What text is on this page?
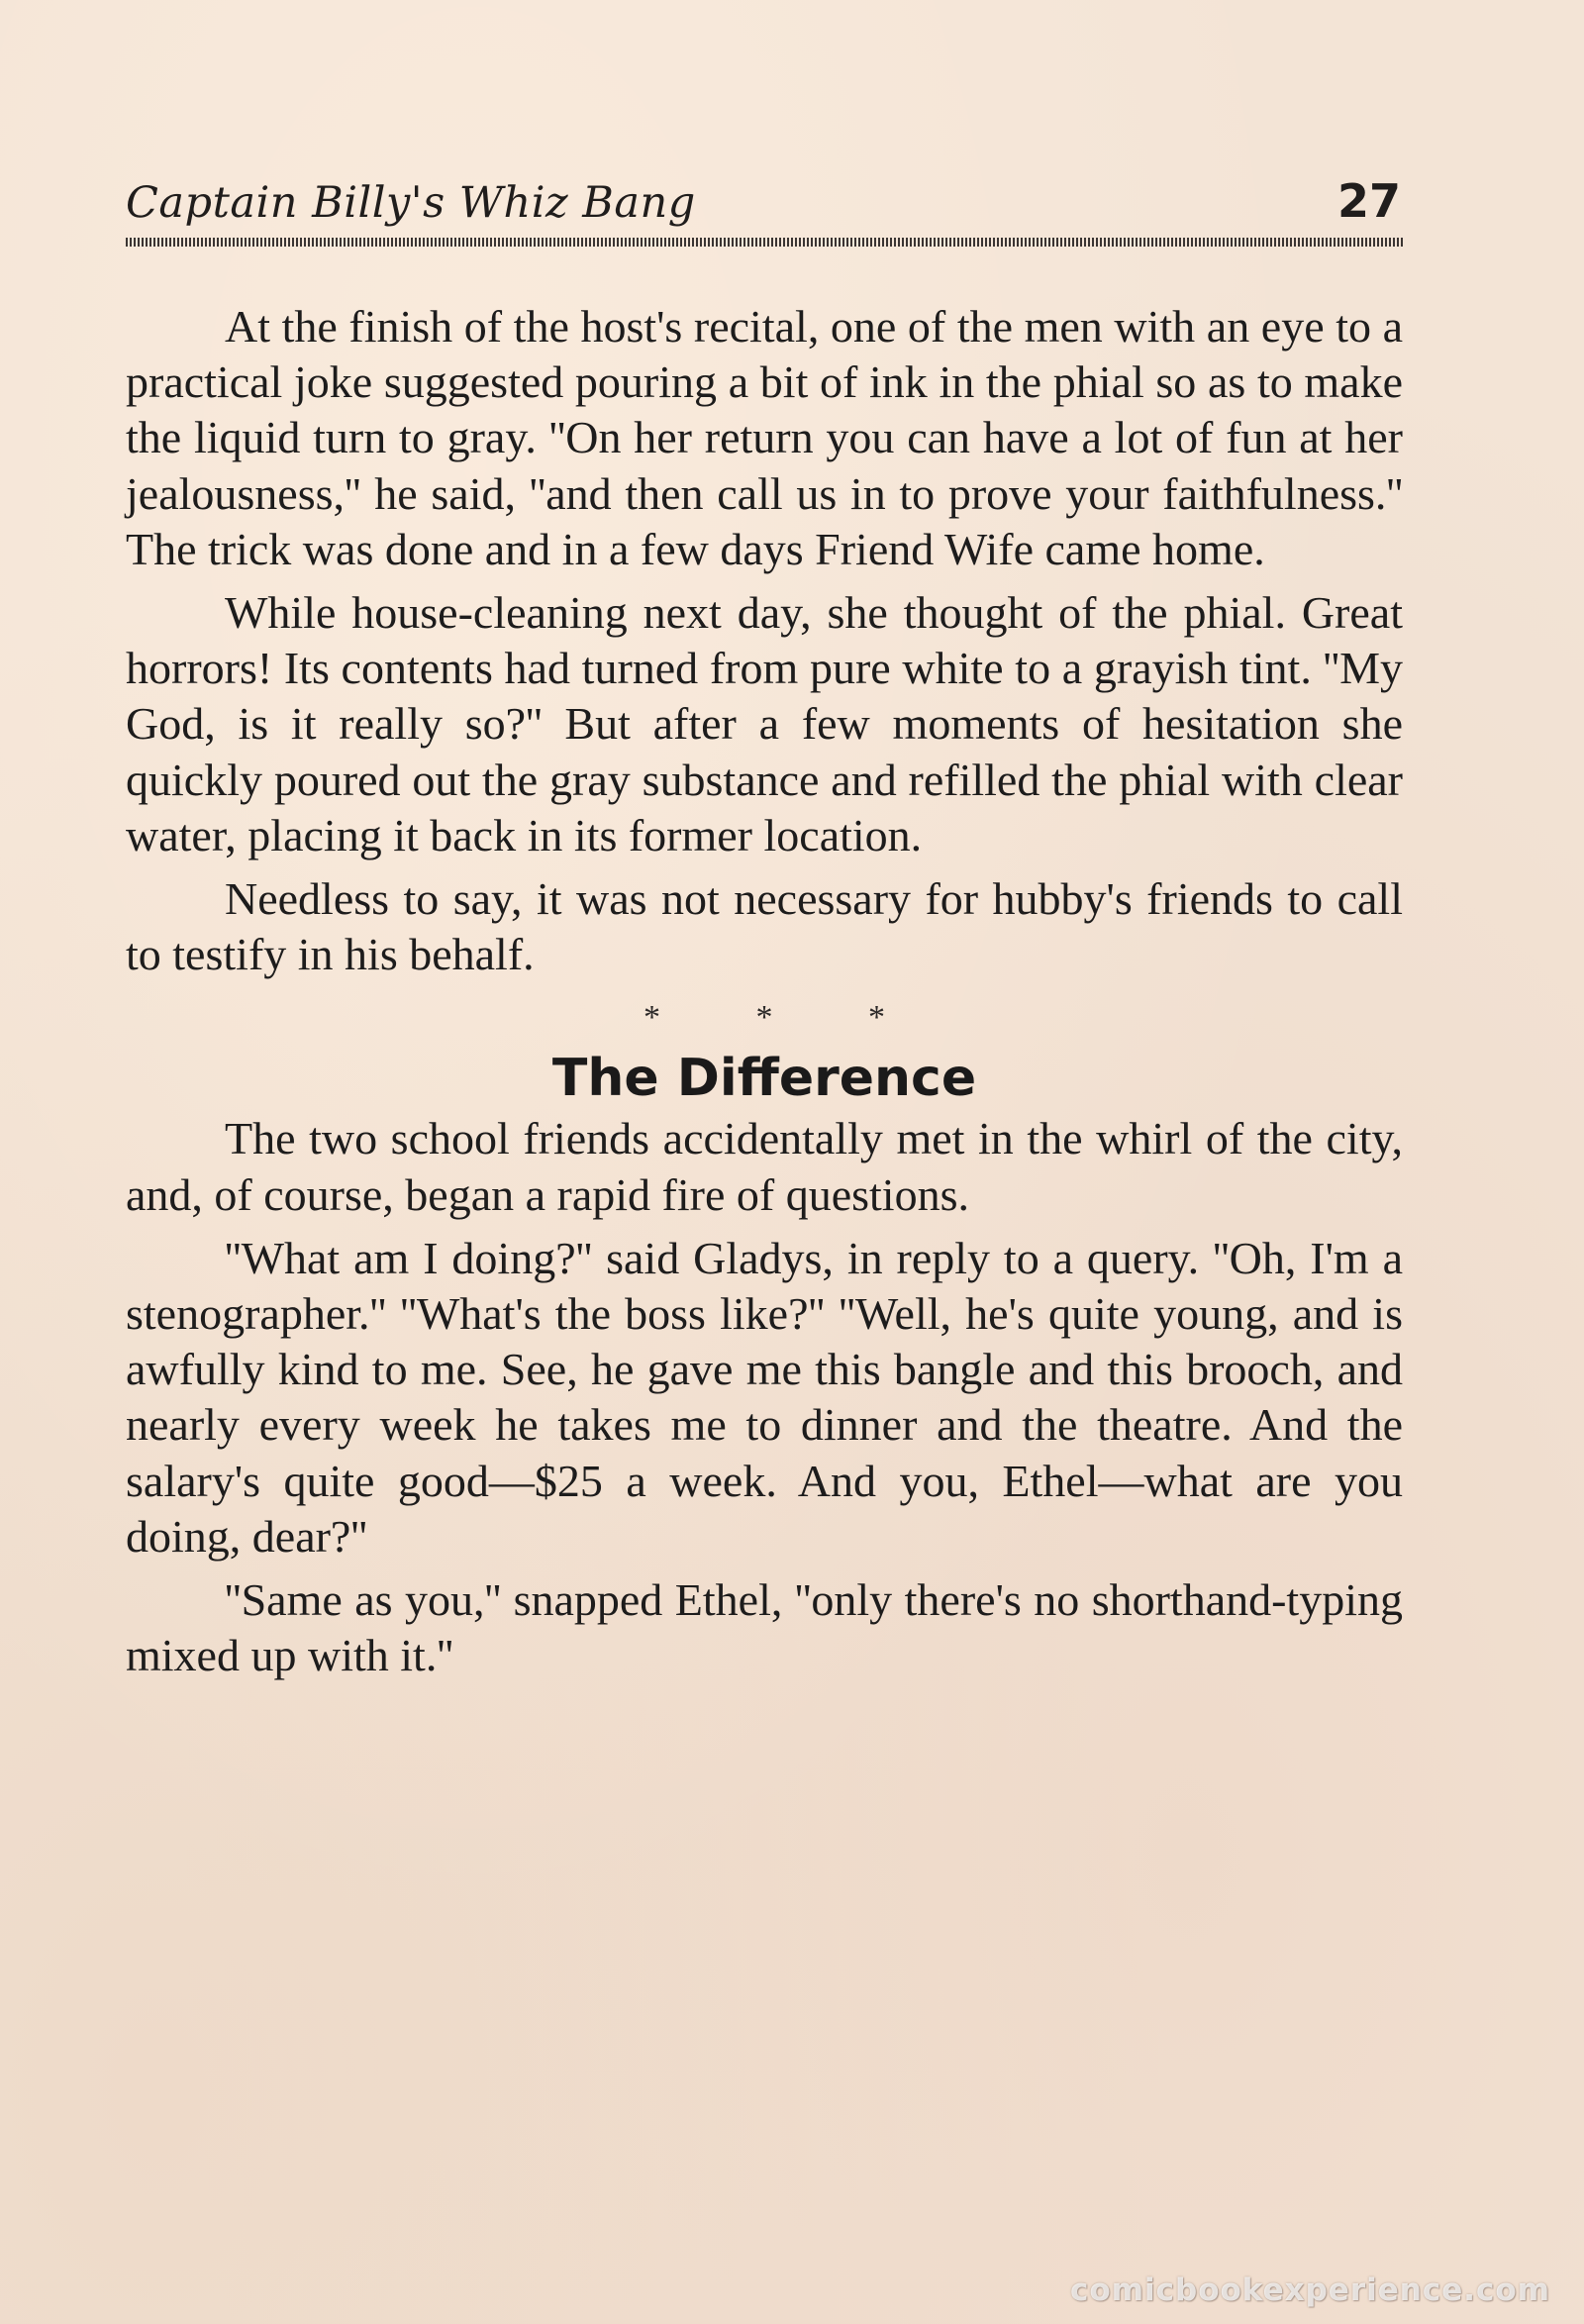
Captain Billy's Whiz Bang	27

At the finish of the host's recital, one of the men with an eye to a practical joke suggested pouring a bit of ink in the phial so as to make the liquid turn to gray. ''On her return you can have a lot of fun at her jealousness,'' he said, ''and then call us in to prove your faithfulness.'' The trick was done and in a few days Friend Wife came home.

While house-cleaning next day, she thought of the phial. Great horrors! Its contents had turned from pure white to a grayish tint. ''My God, is it really so?'' But after a few moments of hesitation she quickly poured out the gray substance and refilled the phial with clear water, placing it back in its former location.

Needless to say, it was not necessary for hubby's friends to call to testify in his behalf.

* * *
The Difference

The two school friends accidentally met in the whirl of the city, and, of course, began a rapid fire of questions.

''What am I doing?'' said Gladys, in reply to a query. ''Oh, I'm a stenographer.'' ''What's the boss like?'' ''Well, he's quite young, and is awfully kind to me. See, he gave me this bangle and this brooch, and nearly every week he takes me to dinner and the theatre. And the salary's quite good—$25 a week. And you, Ethel—what are you doing, dear?''

''Same as you,'' snapped Ethel, ''only there's no shorthand-typing mixed up with it.''

comicbookexperience.com
